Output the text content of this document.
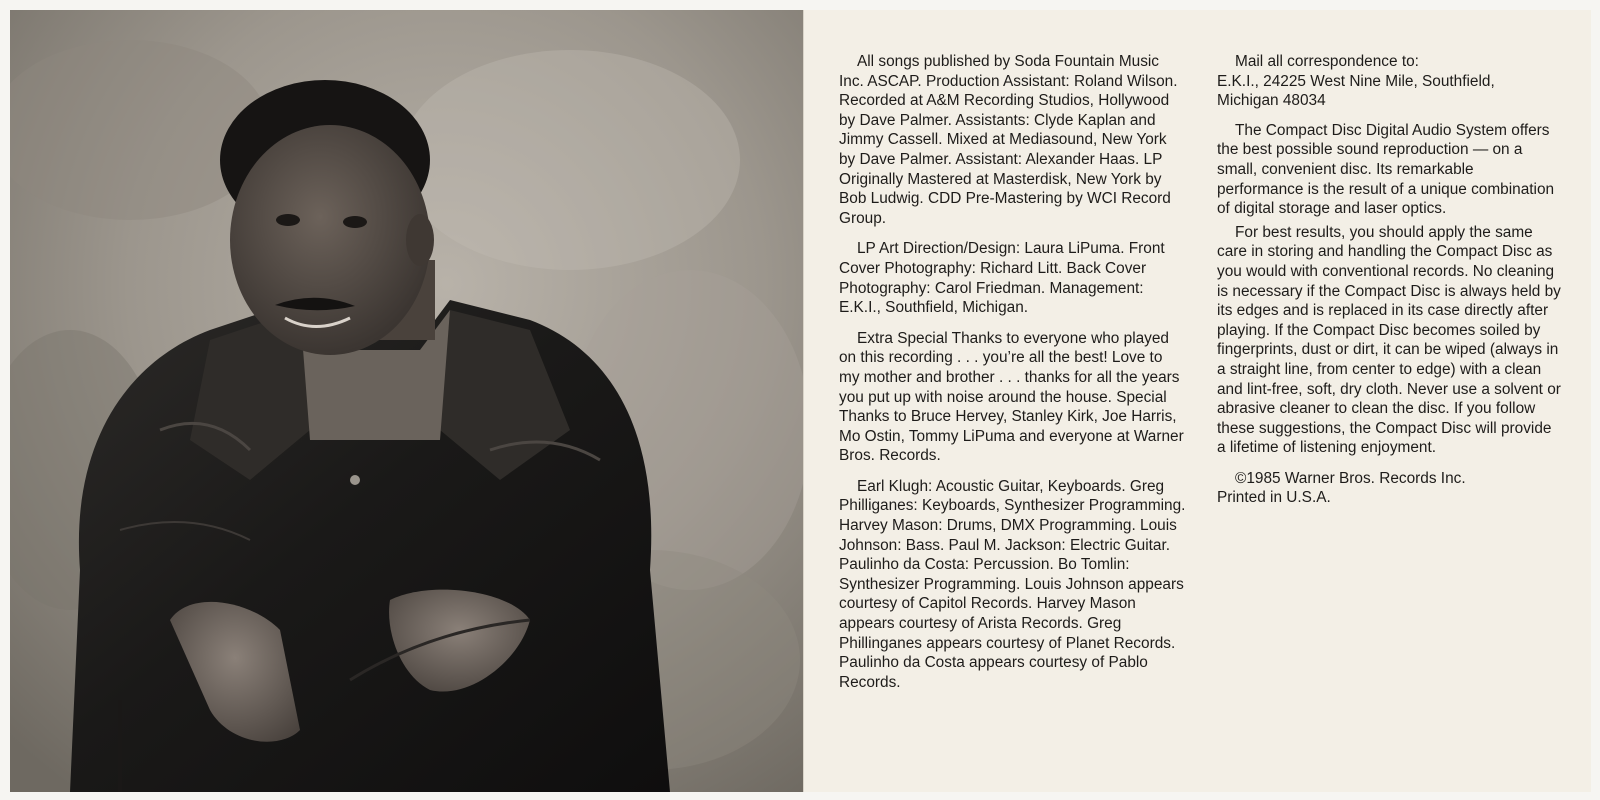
All songs published by Soda Fountain Music Inc. ASCAP. Production Assistant: Roland Wilson. Recorded at A&M Recording Studios, Hollywood by Dave Palmer. Assistants: Clyde Kaplan and Jimmy Cassell. Mixed at Mediasound, New York by Dave Palmer. Assistant: Alexander Haas. LP Originally Mastered at Masterdisk, New York by Bob Ludwig. CDD Pre-Mastering by WCI Record Group.

LP Art Direction/Design: Laura LiPuma. Front Cover Photography: Richard Litt. Back Cover Photography: Carol Friedman. Management: E.K.I., Southfield, Michigan.

Extra Special Thanks to everyone who played on this recording . . . you’re all the best! Love to my mother and brother . . . thanks for all the years you put up with noise around the house. Special Thanks to Bruce Hervey, Stanley Kirk, Joe Harris, Mo Ostin, Tommy LiPuma and everyone at Warner Bros. Records.

Earl Klugh: Acoustic Guitar, Keyboards. Greg Philliganes: Keyboards, Synthesizer Programming. Harvey Mason: Drums, DMX Programming. Louis Johnson: Bass. Paul M. Jackson: Electric Guitar. Paulinho da Costa: Percussion. Bo Tomlin: Synthesizer Programming. Louis Johnson appears courtesy of Capitol Records. Harvey Mason appears courtesy of Arista Records. Greg Phillinganes appears courtesy of Planet Records. Paulinho da Costa appears courtesy of Pablo Records.

Mail all correspondence to:

E.K.I., 24225 West Nine Mile, Southfield,

Michigan 48034

The Compact Disc Digital Audio System offers the best possible sound reproduction — on a small, convenient disc. Its remarkable performance is the result of a unique combination of digital storage and laser optics.

For best results, you should apply the same care in storing and handling the Compact Disc as you would with conventional records. No cleaning is necessary if the Compact Disc is always held by its edges and is replaced in its case directly after playing. If the Compact Disc becomes soiled by fingerprints, dust or dirt, it can be wiped (always in a straight line, from center to edge) with a clean and lint-free, soft, dry cloth. Never use a solvent or abrasive cleaner to clean the disc. If you follow these suggestions, the Compact Disc will provide a lifetime of listening enjoyment.

©1985 Warner Bros. Records Inc.

Printed in U.S.A.
